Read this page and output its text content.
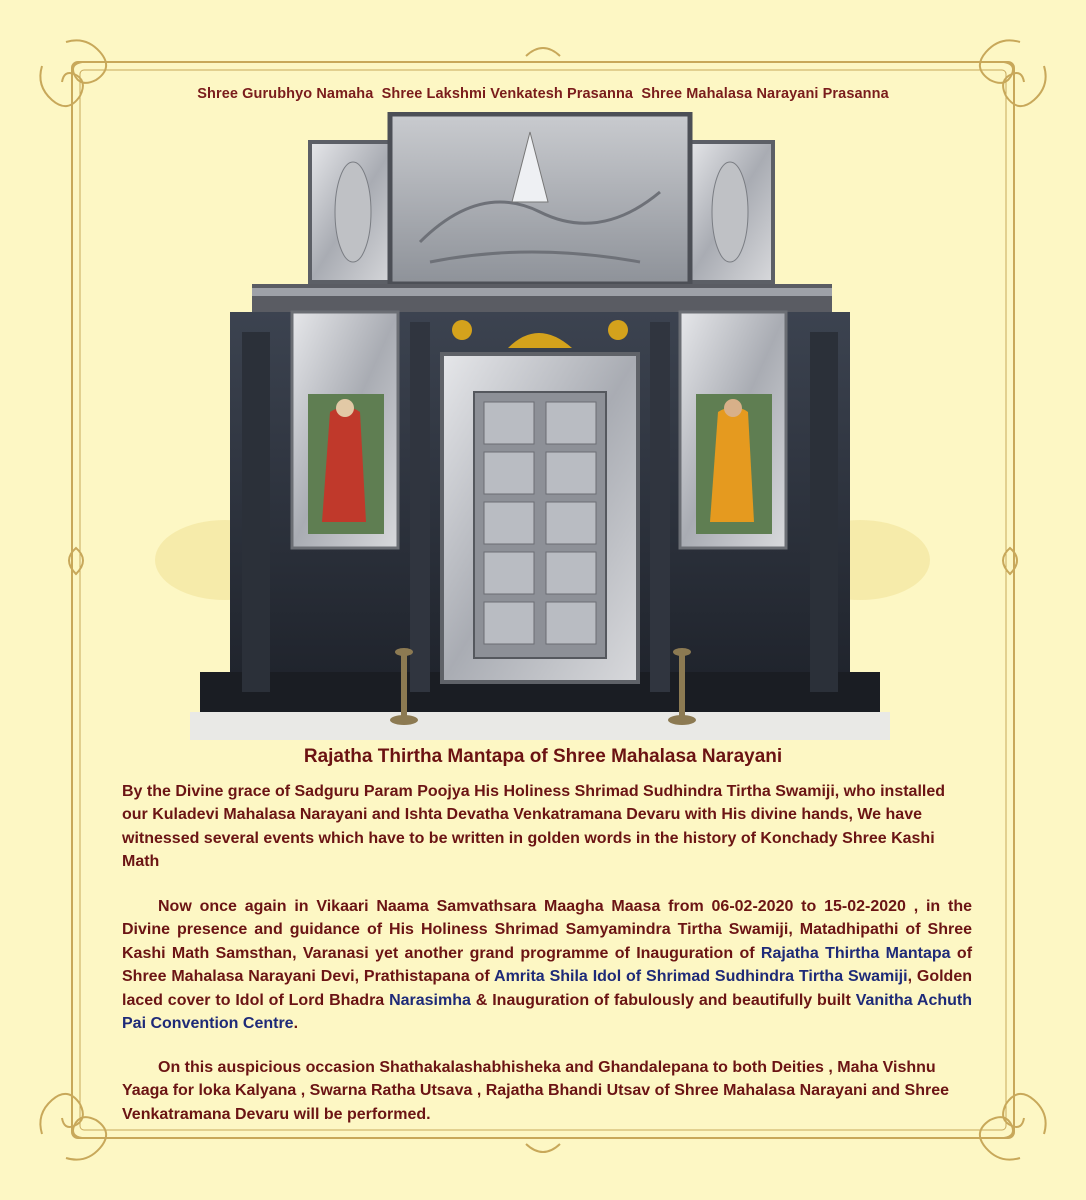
Shree Gurubhyo Namaha  Shree Lakshmi Venkatesh Prasanna  Shree Mahalasa Narayani Prasanna
Rajatha Thirtha Mantapa of Shree Mahalasa Narayani
By the Divine grace of Sadguru Param Poojya His Holiness Shrimad Sudhindra Tirtha Swamiji, who installed our Kuladevi Mahalasa Narayani and Ishta Devatha Venkatramana Devaru with His divine hands, We have witnessed several events which have to be written in golden words in the history of Konchady Shree Kashi Math
Now once again in Vikaari Naama Samvathsara Maagha Maasa from 06-02-2020 to 15-02-2020 , in the Divine presence and guidance of His Holiness Shrimad Samyamindra Tirtha Swamiji, Matadhipathi of Shree Kashi Math Samsthan, Varanasi yet another grand programme of Inauguration of Rajatha Thirtha Mantapa of Shree Mahalasa Narayani Devi, Prathistapana of Amrita Shila Idol of Shrimad Sudhindra Tirtha Swamiji, Golden laced cover to Idol of Lord Bhadra Narasimha & Inauguration of fabulously and beautifully built Vanitha Achuth Pai Convention Centre.
On this auspicious occasion Shathakalashabhisheka and Ghandalepana to both Deities , Maha Vishnu Yaaga for loka Kalyana , Swarna Ratha Utsava , Rajatha Bhandi Utsav of Shree Mahalasa Narayani and Shree Venkatramana Devaru will be performed.
